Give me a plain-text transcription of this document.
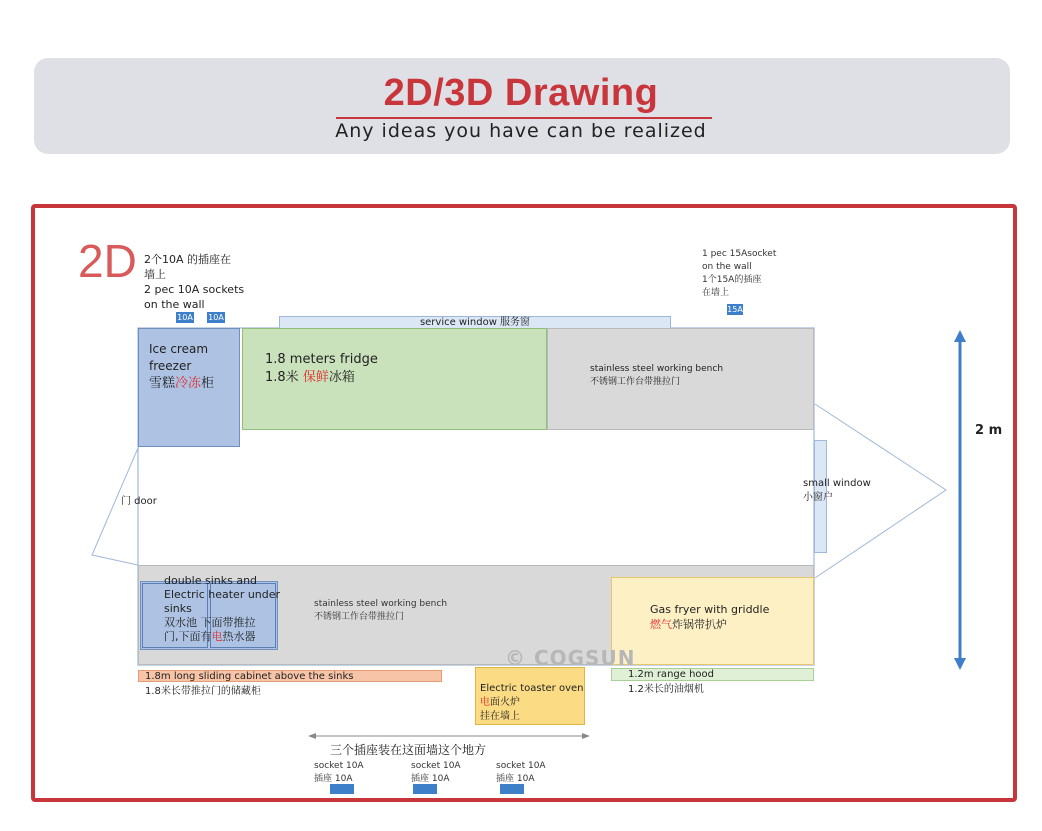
2D/3D Drawing
Any ideas you have can be realized
2D 2个10A 的插座在
墙上
2 pec 10A sockets
on the wall
10A 10A
1 pec 15Asocket
on the wall
1个15A的插座
在墙上
15A
service window 服务窗
Ice cream
freezer
雪糕冷冻柜
1.8 meters fridge
1.8米 保鲜冰箱
stainless steel working bench
不锈钢工作台带推拉门
门 door
small window
小窗户
2 m
double sinks and
Electric heater under
sinks
双水池 下面带推拉
门,下面有电热水器
stainless steel working bench
不锈钢工作台带推拉门
Gas fryer with griddle
燃气炸锅带扒炉
1.8m long sliding cabinet above the sinks
1.8米长带推拉门的储藏柜	Electric toaster oven
电面火炉
挂在墙上
1.2m range hood
1.2米长的油烟机
© COGSUN
三个插座装在这面墙这个地方
socket 10A
插座 10A
socket 10A
插座 10A
socket 10A
插座 10A
